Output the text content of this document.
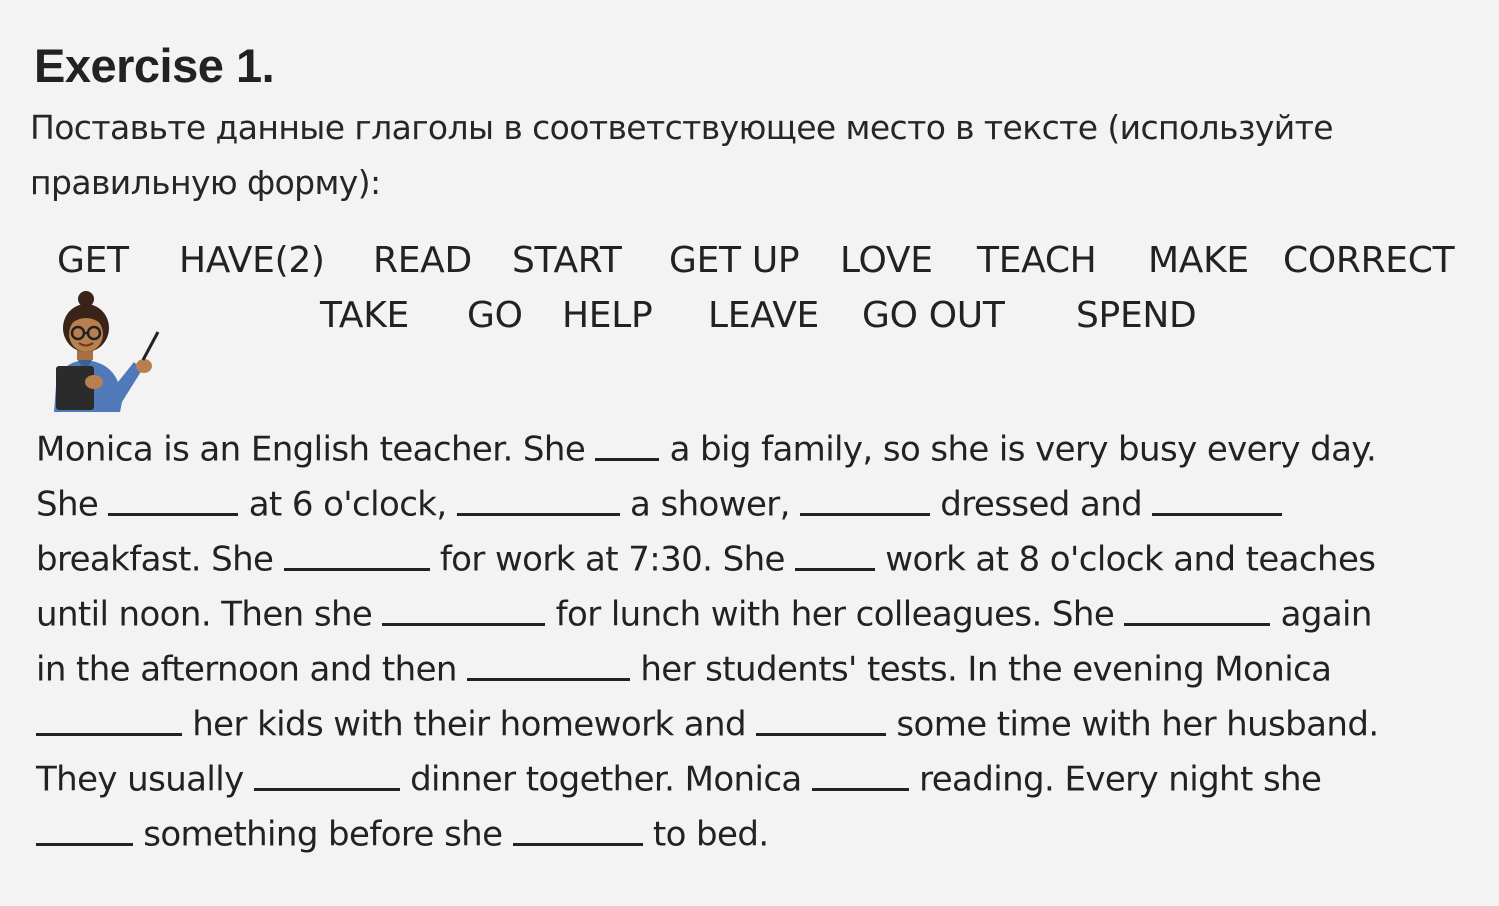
Exercise 1.

Поставьте данные глаголы в соответствующее место в тексте (используйте правильную форму):

GET HAVE(2) READ START GET UP LOVE TEACH MAKE CORRECT
TAKE GO HELP LEAVE GO OUT SPEND
Monica is an English teacher. She a big family, so she is very busy every day.
She	at 6 o'clock,	a shower,	dressed and
breakfast. She	for work at 7:30. She	work at 8 o'clock and teaches
until noon. Then she	for lunch with her colleagues. She	again
in the afternoon and then	her students' tests. In the evening Monica
her kids with their homework and	some time with her husband.
They usually	dinner together. Monica	reading. Every night she
something before she	to bed.
